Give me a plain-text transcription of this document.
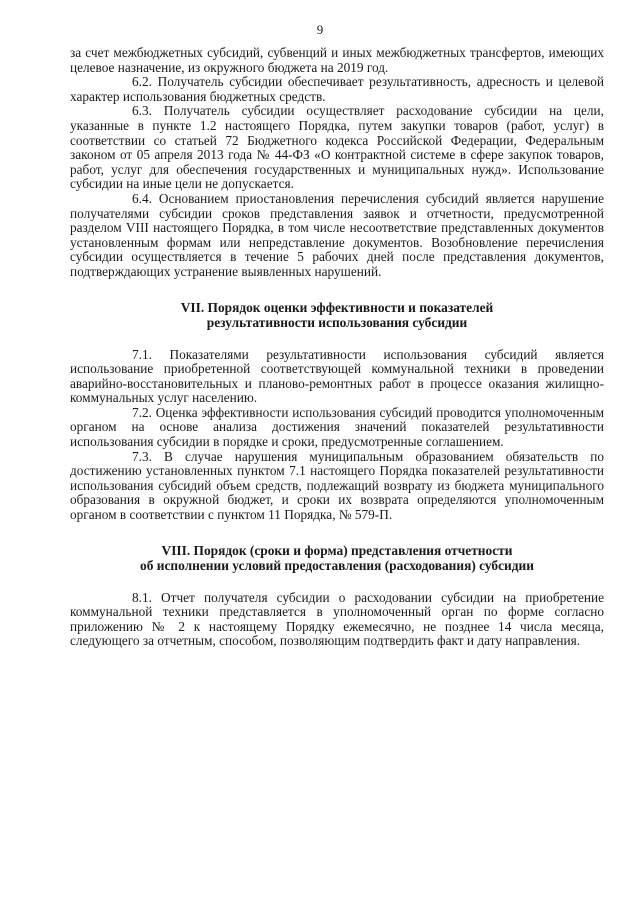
9

за счет межбюджетных субсидий, субвенций и иных межбюджетных трансфертов, имеющих целевое назначение, из окружного бюджета на 2019 год.

6.2. Получатель субсидии обеспечивает результативность, адресность и целевой характер использования бюджетных средств.

6.3. Получатель субсидии осуществляет расходование субсидии на цели, указанные в пункте 1.2 настоящего Порядка, путем закупки товаров (работ, услуг) в соответствии со статьей 72 Бюджетного кодекса Российской Федерации, Федеральным законом от 05 апреля 2013 года № 44-ФЗ «О контрактной системе в сфере закупок товаров, работ, услуг для обеспечения государственных и муниципальных нужд». Использование субсидии на иные цели не допускается.

6.4. Основанием приостановления перечисления субсидий является нарушение получателями субсидии сроков представления заявок и отчетности, предусмотренной разделом VIII настоящего Порядка, в том числе несоответствие представленных документов установленным формам или непредставление документов. Возобновление перечисления субсидии осуществляется в течение 5 рабочих дней после представления документов, подтверждающих устранение выявленных нарушений.

VII. Порядок оценки эффективности и показателей

результативности использования субсидии

7.1. Показателями результативности использования субсидий является использование приобретенной соответствующей коммунальной техники в проведении аварийно-восстановительных и планово-ремонтных работ в процессе оказания жилищно-коммунальных услуг населению.

7.2. Оценка эффективности использования субсидий проводится уполномоченным органом на основе анализа достижения значений показателей результативности использования субсидии в порядке и сроки, предусмотренные соглашением.

7.3. В случае нарушения муниципальным образованием обязательств по достижению установленных пунктом 7.1 настоящего Порядка показателей результативности использования субсидий объем средств, подлежащий возврату из бюджета муниципального образования в окружной бюджет, и сроки их возврата определяются уполномоченным органом в соответствии с пунктом 11 Порядка, № 579-П.

VIII. Порядок (сроки и форма) представления отчетности

об исполнении условий предоставления (расходования) субсидии

8.1. Отчет получателя субсидии о расходовании субсидии на приобретение коммунальной техники представляется в уполномоченный орган по форме согласно приложению № 2 к настоящему Порядку ежемесячно, не позднее 14 числа месяца, следующего за отчетным, способом, позволяющим подтвердить факт и дату направления.
